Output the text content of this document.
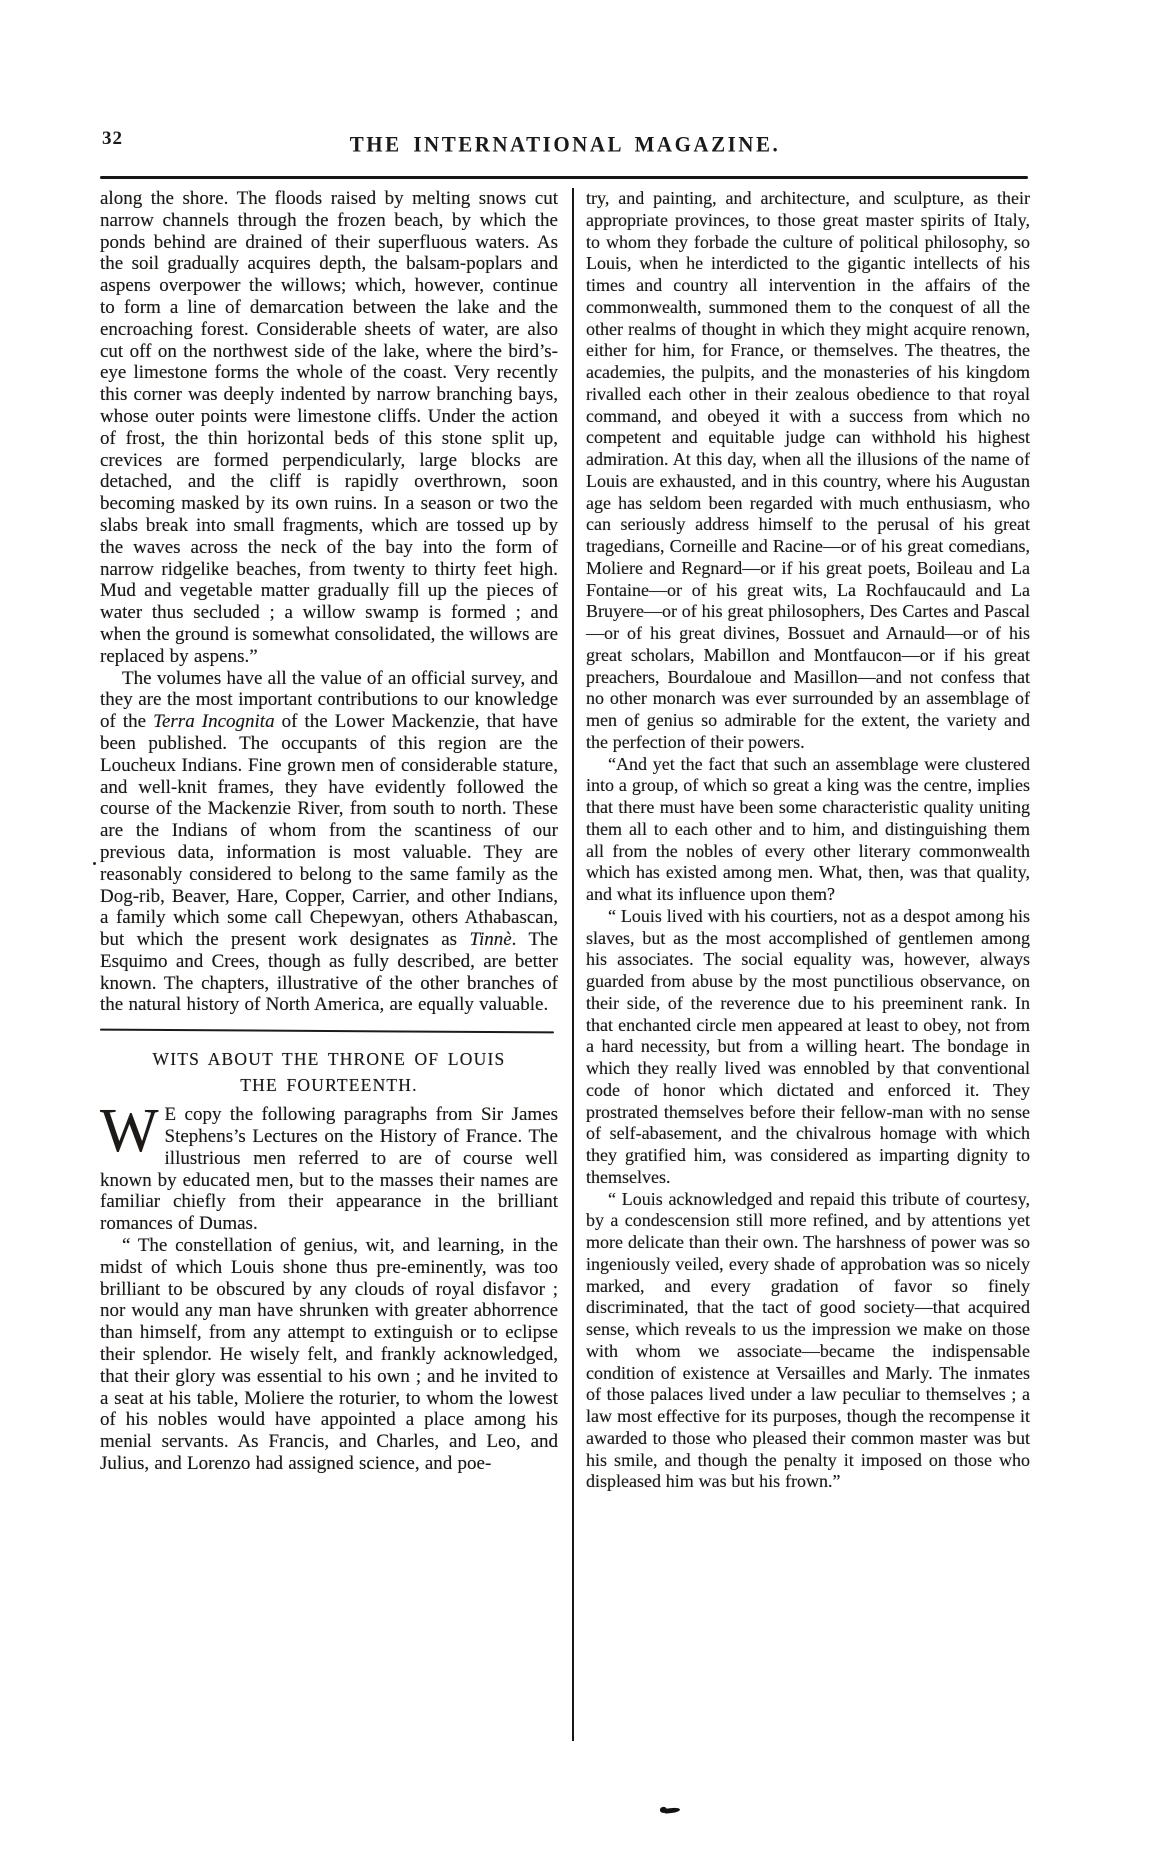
32	THE INTERNATIONAL MAGAZINE.

along the shore. The floods raised by melting snows cut narrow channels through the frozen beach, by which the ponds behind are drained of their superfluous waters. As the soil gradually acquires depth, the balsam-poplars and aspens overpower the willows; which, however, continue to form a line of demarcation between the lake and the encroaching forest. Considerable sheets of water, are also cut off on the northwest side of the lake, where the bird’s-eye limestone forms the whole of the coast. Very recently this corner was deeply indented by narrow branching bays, whose outer points were limestone cliffs. Under the action of frost, the thin horizontal beds of this stone split up, crevices are formed perpendicularly, large blocks are detached, and the cliff is rapidly overthrown, soon becoming masked by its own ruins. In a season or two the slabs break into small fragments, which are tossed up by the waves across the neck of the bay into the form of narrow ridgelike beaches, from twenty to thirty feet high. Mud and vegetable matter gradually fill up the pieces of water thus secluded ; a willow swamp is formed ; and when the ground is somewhat consolidated, the willows are replaced by aspens.”

The volumes have all the value of an official survey, and they are the most important contributions to our knowledge of the Terra Incognita of the Lower Mackenzie, that have been published. The occupants of this region are the Loucheux Indians. Fine grown men of considerable stature, and well-knit frames, they have evidently followed the course of the Mackenzie River, from south to north. These are the Indians of whom from the scantiness of our previous data, information is most valuable. They are reasonably considered to belong to the same family as the Dog-rib, Beaver, Hare, Copper, Carrier, and other Indians, a family which some call Chepewyan, others Athabascan, but which the present work designates as Tinnè. The Esquimo and Crees, though as fully described, are better known. The chapters, illustrative of the other branches of the natural history of North America, are equally valuable.

WITS ABOUT THE THRONE OF LOUIS
THE FOURTEENTH.

W E copy the following paragraphs from Sir James Stephens’s Lectures on the History of France. The illustrious men referred to are of course well known by educated men, but to the masses their names are familiar chiefly from their appearance in the brilliant romances of Dumas.

“ The constellation of genius, wit, and learning, in the midst of which Louis shone thus pre-eminently, was too brilliant to be obscured by any clouds of royal disfavor ; nor would any man have shrunken with greater abhorrence than himself, from any attempt to extinguish or to eclipse their splendor. He wisely felt, and frankly acknowledged, that their glory was essential to his own ; and he invited to a seat at his table, Moliere the roturier, to whom the lowest of his nobles would have appointed a place among his menial servants. As Francis, and Charles, and Leo, and Julius, and Lorenzo had assigned science, and poe-

try, and painting, and architecture, and sculpture, as their appropriate provinces, to those great master spirits of Italy, to whom they forbade the culture of political philosophy, so Louis, when he interdicted to the gigantic intellects of his times and country all intervention in the affairs of the commonwealth, summoned them to the conquest of all the other realms of thought in which they might acquire renown, either for him, for France, or themselves. The theatres, the academies, the pulpits, and the monasteries of his kingdom rivalled each other in their zealous obedience to that royal command, and obeyed it with a success from which no competent and equitable judge can withhold his highest admiration. At this day, when all the illusions of the name of Louis are exhausted, and in this country, where his Augustan age has seldom been regarded with much enthusiasm, who can seriously address himself to the perusal of his great tragedians, Corneille and Racine—or of his great comedians, Moliere and Regnard—or if his great poets, Boileau and La Fontaine—or of his great wits, La Rochfaucauld and La Bruyere—or of his great philosophers, Des Cartes and Pascal—or of his great divines, Bossuet and Arnauld—or of his great scholars, Mabillon and Montfaucon—or if his great preachers, Bourdaloue and Masillon—and not confess that no other monarch was ever surrounded by an assemblage of men of genius so admirable for the extent, the variety and the perfection of their powers.

“And yet the fact that such an assemblage were clustered into a group, of which so great a king was the centre, implies that there must have been some characteristic quality uniting them all to each other and to him, and distinguishing them all from the nobles of every other literary commonwealth which has existed among men. What, then, was that quality, and what its influence upon them?

“ Louis lived with his courtiers, not as a despot among his slaves, but as the most accomplished of gentlemen among his associates. The social equality was, however, always guarded from abuse by the most punctilious observance, on their side, of the reverence due to his preeminent rank. In that enchanted circle men appeared at least to obey, not from a hard necessity, but from a willing heart. The bondage in which they really lived was ennobled by that conventional code of honor which dictated and enforced it. They prostrated themselves before their fellow-man with no sense of self-abasement, and the chivalrous homage with which they gratified him, was considered as imparting dignity to themselves.

“ Louis acknowledged and repaid this tribute of courtesy, by a condescension still more refined, and by attentions yet more delicate than their own. The harshness of power was so ingeniously veiled, every shade of approbation was so nicely marked, and every gradation of favor so finely discriminated, that the tact of good society—that acquired sense, which reveals to us the impression we make on those with whom we associate—became the indispensable condition of existence at Versailles and Marly. The inmates of those palaces lived under a law peculiar to themselves ; a law most effective for its purposes, though the recompense it awarded to those who pleased their common master was but his smile, and though the penalty it imposed on those who displeased him was but his frown.”
